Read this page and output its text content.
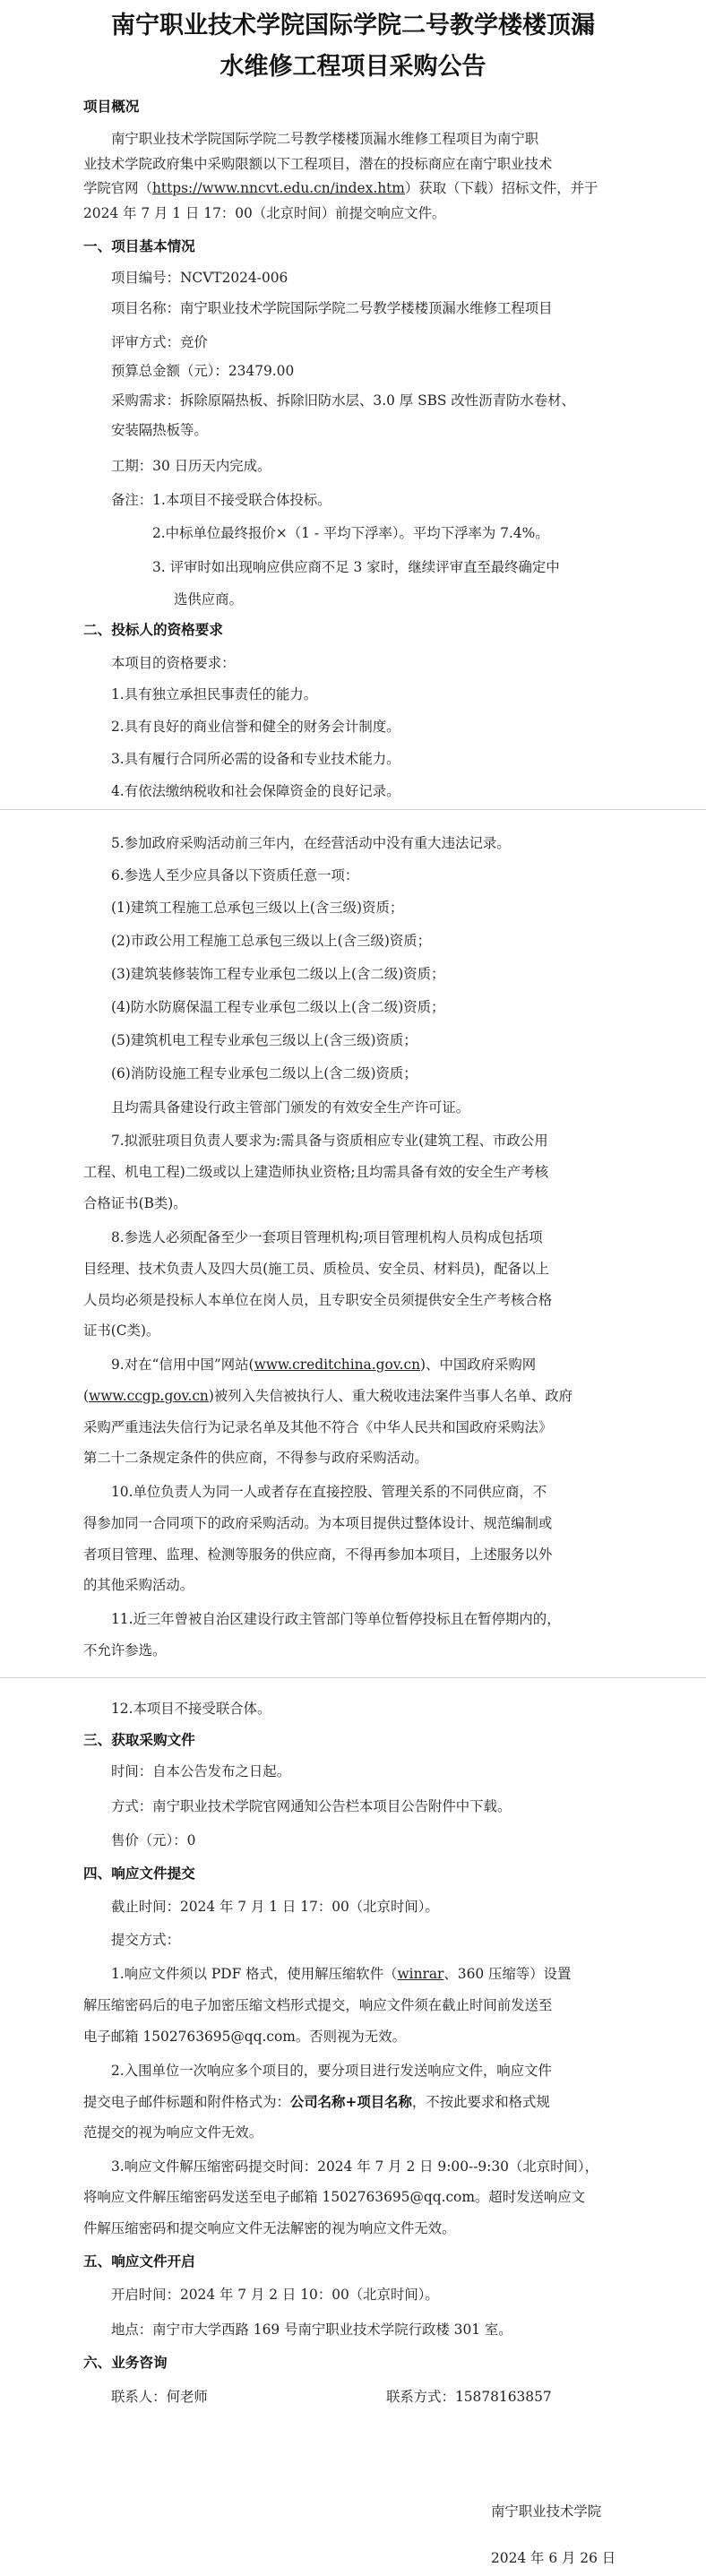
南宁职业技术学院国际学院二号教学楼楼顶漏
水维修工程项目采购公告
项目概况
南宁职业技术学院国际学院二号教学楼楼顶漏水维修工程项目为南宁职
业技术学院政府集中采购限额以下工程项目，潜在的投标商应在南宁职业技术
学院官网（https://www.nncvt.edu.cn/index.htm）获取（下载）招标文件，并于
2024 年 7 月 1 日 17：00（北京时间）前提交响应文件。
一、项目基本情况
项目编号：NCVT2024-006
项目名称：南宁职业技术学院国际学院二号教学楼楼顶漏水维修工程项目
评审方式：竞价
预算总金额（元）：23479.00
采购需求：拆除原隔热板、拆除旧防水层、3.0 厚 SBS 改性沥青防水卷材、
安装隔热板等。
工期：30 日历天内完成。
备注：1.本项目不接受联合体投标。
2.中标单位最终报价×（1 - 平均下浮率）。平均下浮率为 7.4%。
3. 评审时如出现响应供应商不足 3 家时，继续评审直至最终确定中
选供应商。
二、投标人的资格要求
本项目的资格要求：
1.具有独立承担民事责任的能力。
2.具有良好的商业信誉和健全的财务会计制度。
3.具有履行合同所必需的设备和专业技术能力。
4.有依法缴纳税收和社会保障资金的良好记录。
5.参加政府采购活动前三年内，在经营活动中没有重大违法记录。
6.参选人至少应具备以下资质任意一项：
(1)建筑工程施工总承包三级以上(含三级)资质；
(2)市政公用工程施工总承包三级以上(含三级)资质；
(3)建筑装修装饰工程专业承包二级以上(含二级)资质；
(4)防水防腐保温工程专业承包二级以上(含二级)资质；
(5)建筑机电工程专业承包三级以上(含三级)资质；
(6)消防设施工程专业承包二级以上(含二级)资质；
且均需具备建设行政主管部门颁发的有效安全生产许可证。
7.拟派驻项目负责人要求为:需具备与资质相应专业(建筑工程、市政公用
工程、机电工程)二级或以上建造师执业资格;且均需具备有效的安全生产考核
合格证书(B类)。
8.参选人必须配备至少一套项目管理机构;项目管理机构人员构成包括项
目经理、技术负责人及四大员(施工员、质检员、安全员、材料员)，配备以上
人员均必须是投标人本单位在岗人员，且专职安全员须提供安全生产考核合格
证书(C类)。
9.对在“信用中国”网站(www.creditchina.gov.cn)、中国政府采购网
(www.ccgp.gov.cn)被列入失信被执行人、重大税收违法案件当事人名单、政府
采购严重违法失信行为记录名单及其他不符合《中华人民共和国政府采购法》
第二十二条规定条件的供应商，不得参与政府采购活动。
10.单位负责人为同一人或者存在直接控股、管理关系的不同供应商，不
得参加同一合同项下的政府采购活动。为本项目提供过整体设计、规范编制或
者项目管理、监理、检测等服务的供应商，不得再参加本项目，上述服务以外
的其他采购活动。
11.近三年曾被自治区建设行政主管部门等单位暂停投标且在暂停期内的，
不允许参选。
12.本项目不接受联合体。
三、获取采购文件
时间：自本公告发布之日起。
方式：南宁职业技术学院官网通知公告栏本项目公告附件中下载。
售价（元）：0
四、响应文件提交
截止时间：2024 年 7 月 1 日 17：00（北京时间）。
提交方式：
1.响应文件须以 PDF 格式，使用解压缩软件（winrar、360 压缩等）设置
解压缩密码后的电子加密压缩文档形式提交，响应文件须在截止时间前发送至
电子邮箱 1502763695@qq.com。否则视为无效。
2.入围单位一次响应多个项目的，要分项目进行发送响应文件，响应文件
提交电子邮件标题和附件格式为：公司名称+项目名称，不按此要求和格式规
范提交的视为响应文件无效。
3.响应文件解压缩密码提交时间：2024 年 7 月 2 日 9:00--9:30（北京时间），
将响应文件解压缩密码发送至电子邮箱 1502763695@qq.com。超时发送响应文
件解压缩密码和提交响应文件无法解密的视为响应文件无效。
五、响应文件开启
开启时间：2024 年 7 月 2 日 10：00（北京时间）。
地点：南宁市大学西路 169 号南宁职业技术学院行政楼 301 室。
六、业务咨询
联系人：何老师	联系方式：15878163857
南宁职业技术学院
2024 年 6 月 26 日
